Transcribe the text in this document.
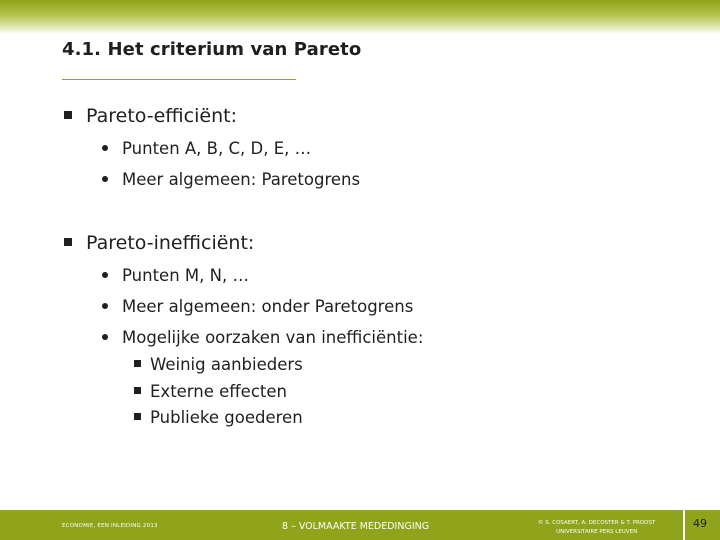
4.1. Het criterium van Pareto
Pareto-efficiënt:
Punten A, B, C, D, E, …
Meer algemeen: Paretogrens
Pareto-inefficiënt:
Punten M, N, …
Meer algemeen: onder Paretogrens
Mogelijke oorzaken van inefficiëntie:
Weinig aanbieders
Externe effecten
Publieke goederen
ECONOMIE, EEN INLEIDING 2013	8 – VOLMAAKTE MEDEDINGING	© S. COSAERT, A. DECOSTER & T. PROOST
UNIVERSITAIRE PERS LEUVEN
49
